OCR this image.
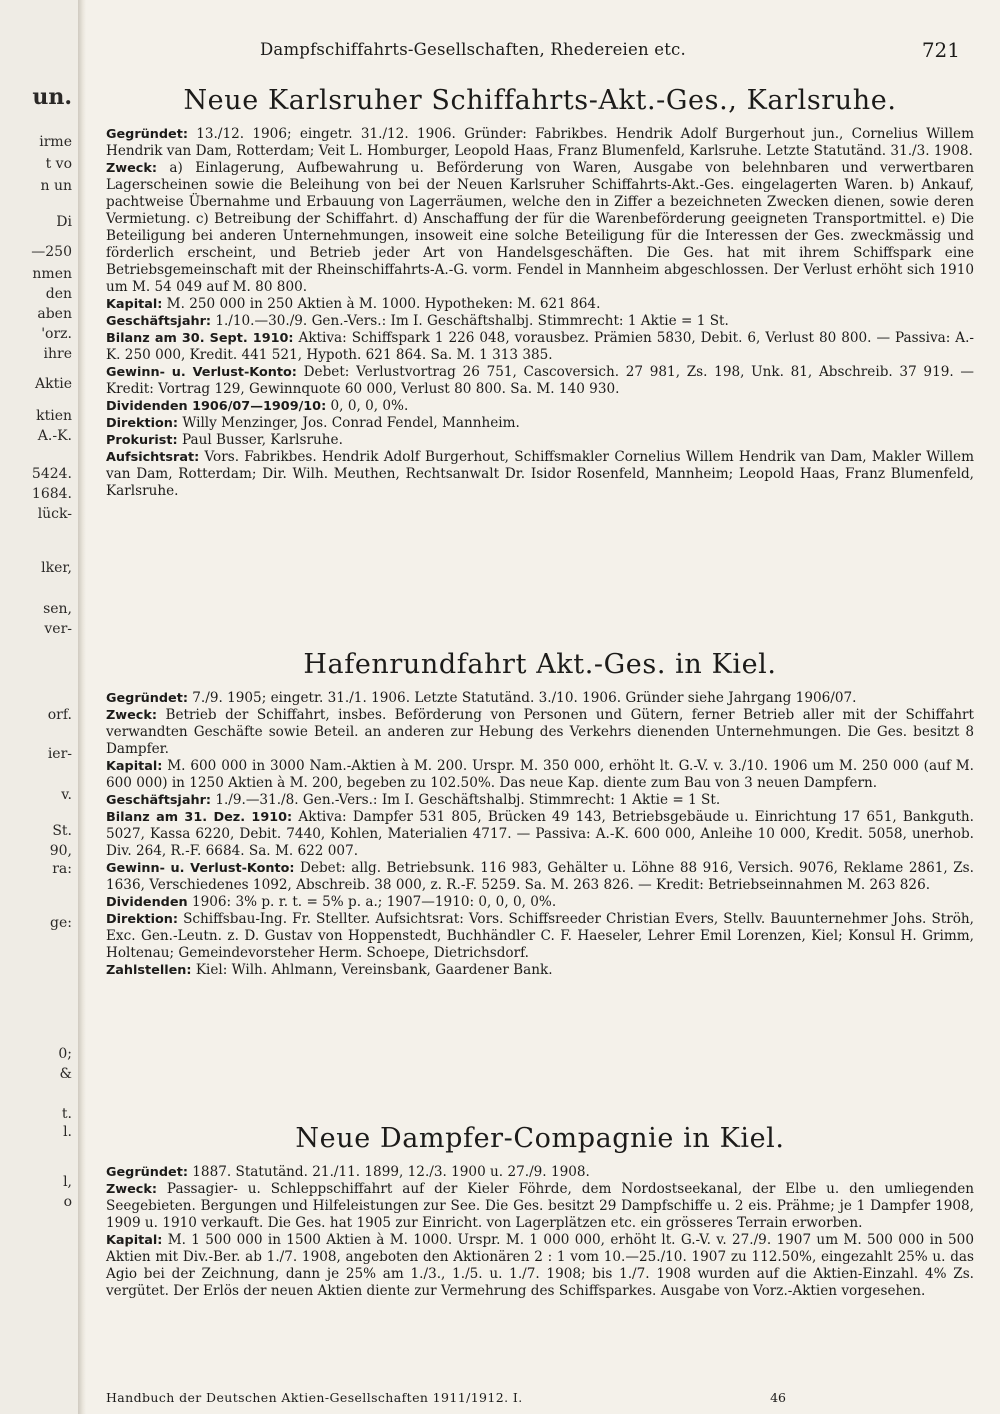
un.
irme
t vo
n un
Di
—250
nmen
den
aben
'orz.
ihre
Aktie
ktien
A.-K.
5424.
1684.
lück-
lker,
sen,
ver-
orf.
ier-
v.
St.
90,
ra:
ge:
0;
&
t.
l.
l,
o
Dampfschiffahrts-Gesellschaften, Rhedereien etc.	721
Neue Karlsruher Schiffahrts-Akt.-Ges., Karlsruhe.

Gegründet: 13./12. 1906; eingetr. 31./12. 1906. Gründer: Fabrikbes. Hendrik Adolf Burgerhout jun., Cornelius Willem Hendrik van Dam, Rotterdam; Veit L. Homburger, Leopold Haas, Franz Blumenfeld, Karlsruhe. Letzte Statutänd. 31./3. 1908.

Zweck: a) Einlagerung, Aufbewahrung u. Beförderung von Waren, Ausgabe von belehnbaren und verwertbaren Lagerscheinen sowie die Beleihung von bei der Neuen Karlsruher Schiffahrts-Akt.-Ges. eingelagerten Waren. b) Ankauf, pachtweise Übernahme und Erbauung von Lagerräumen, welche den in Ziffer a bezeichneten Zwecken dienen, sowie deren Vermietung. c) Betreibung der Schiffahrt. d) Anschaffung der für die Warenbeförderung geeigneten Transportmittel. e) Die Beteiligung bei anderen Unternehmungen, insoweit eine solche Beteiligung für die Interessen der Ges. zweckmässig und förderlich erscheint, und Betrieb jeder Art von Handelsgeschäften. Die Ges. hat mit ihrem Schiffspark eine Betriebsgemeinschaft mit der Rheinschiffahrts-A.-G. vorm. Fendel in Mannheim abgeschlossen. Der Verlust erhöht sich 1910 um M. 54 049 auf M. 80 800.

Kapital: M. 250 000 in 250 Aktien à M. 1000. Hypotheken: M. 621 864.

Geschäftsjahr: 1./10.—30./9. Gen.-Vers.: Im I. Geschäftshalbj. Stimmrecht: 1 Aktie = 1 St.

Bilanz am 30. Sept. 1910: Aktiva: Schiffspark 1 226 048, vorausbez. Prämien 5830, Debit. 6, Verlust 80 800. — Passiva: A.-K. 250 000, Kredit. 441 521, Hypoth. 621 864. Sa. M. 1 313 385.

Gewinn- u. Verlust-Konto: Debet: Verlustvortrag 26 751, Cascoversich. 27 981, Zs. 198, Unk. 81, Abschreib. 37 919. — Kredit: Vortrag 129, Gewinnquote 60 000, Verlust 80 800. Sa. M. 140 930.

Dividenden 1906/07—1909/10: 0, 0, 0, 0%.

Direktion: Willy Menzinger, Jos. Conrad Fendel, Mannheim.

Prokurist: Paul Busser, Karlsruhe.

Aufsichtsrat: Vors. Fabrikbes. Hendrik Adolf Burgerhout, Schiffsmakler Cornelius Willem Hendrik van Dam, Makler Willem van Dam, Rotterdam; Dir. Wilh. Meuthen, Rechtsanwalt Dr. Isidor Rosenfeld, Mannheim; Leopold Haas, Franz Blumenfeld, Karlsruhe.

Hafenrundfahrt Akt.-Ges. in Kiel.

Gegründet: 7./9. 1905; eingetr. 31./1. 1906. Letzte Statutänd. 3./10. 1906. Gründer siehe Jahrgang 1906/07.

Zweck: Betrieb der Schiffahrt, insbes. Beförderung von Personen und Gütern, ferner Betrieb aller mit der Schiffahrt verwandten Geschäfte sowie Beteil. an anderen zur Hebung des Verkehrs dienenden Unternehmungen. Die Ges. besitzt 8 Dampfer.

Kapital: M. 600 000 in 3000 Nam.-Aktien à M. 200. Urspr. M. 350 000, erhöht lt. G.-V. v. 3./10. 1906 um M. 250 000 (auf M. 600 000) in 1250 Aktien à M. 200, begeben zu 102.50%. Das neue Kap. diente zum Bau von 3 neuen Dampfern.

Geschäftsjahr: 1./9.—31./8. Gen.-Vers.: Im I. Geschäftshalbj. Stimmrecht: 1 Aktie = 1 St.

Bilanz am 31. Dez. 1910: Aktiva: Dampfer 531 805, Brücken 49 143, Betriebsgebäude u. Einrichtung 17 651, Bankguth. 5027, Kassa 6220, Debit. 7440, Kohlen, Materialien 4717. — Passiva: A.-K. 600 000, Anleihe 10 000, Kredit. 5058, unerhob. Div. 264, R.-F. 6684. Sa. M. 622 007.

Gewinn- u. Verlust-Konto: Debet: allg. Betriebsunk. 116 983, Gehälter u. Löhne 88 916, Versich. 9076, Reklame 2861, Zs. 1636, Verschiedenes 1092, Abschreib. 38 000, z. R.-F. 5259. Sa. M. 263 826. — Kredit: Betriebseinnahmen M. 263 826.

Dividenden 1906: 3% p. r. t. = 5% p. a.; 1907—1910: 0, 0, 0, 0%.

Direktion: Schiffsbau-Ing. Fr. Stellter. Aufsichtsrat: Vors. Schiffsreeder Christian Evers, Stellv. Bauunternehmer Johs. Ströh, Exc. Gen.-Leutn. z. D. Gustav von Hoppenstedt, Buchhändler C. F. Haeseler, Lehrer Emil Lorenzen, Kiel; Konsul H. Grimm, Holtenau; Gemeindevorsteher Herm. Schoepe, Dietrichsdorf.

Zahlstellen: Kiel: Wilh. Ahlmann, Vereinsbank, Gaardener Bank.

Neue Dampfer-Compagnie in Kiel.

Gegründet: 1887. Statutänd. 21./11. 1899, 12./3. 1900 u. 27./9. 1908.

Zweck: Passagier- u. Schleppschiffahrt auf der Kieler Föhrde, dem Nordostseekanal, der Elbe u. den umliegenden Seegebieten. Bergungen und Hilfeleistungen zur See. Die Ges. besitzt 29 Dampfschiffe u. 2 eis. Prähme; je 1 Dampfer 1908, 1909 u. 1910 verkauft. Die Ges. hat 1905 zur Einricht. von Lagerplätzen etc. ein grösseres Terrain erworben.

Kapital: M. 1 500 000 in 1500 Aktien à M. 1000. Urspr. M. 1 000 000, erhöht lt. G.-V. v. 27./9. 1907 um M. 500 000 in 500 Aktien mit Div.-Ber. ab 1./7. 1908, angeboten den Aktionären 2 : 1 vom 10.—25./10. 1907 zu 112.50%, eingezahlt 25% u. das Agio bei der Zeichnung, dann je 25% am 1./3., 1./5. u. 1./7. 1908; bis 1./7. 1908 wurden auf die Aktien-Einzahl. 4% Zs. vergütet. Der Erlös der neuen Aktien diente zur Vermehrung des Schiffsparkes. Ausgabe von Vorz.-Aktien vorgesehen.

Handbuch der Deutschen Aktien-Gesellschaften 1911/1912. I.	46
